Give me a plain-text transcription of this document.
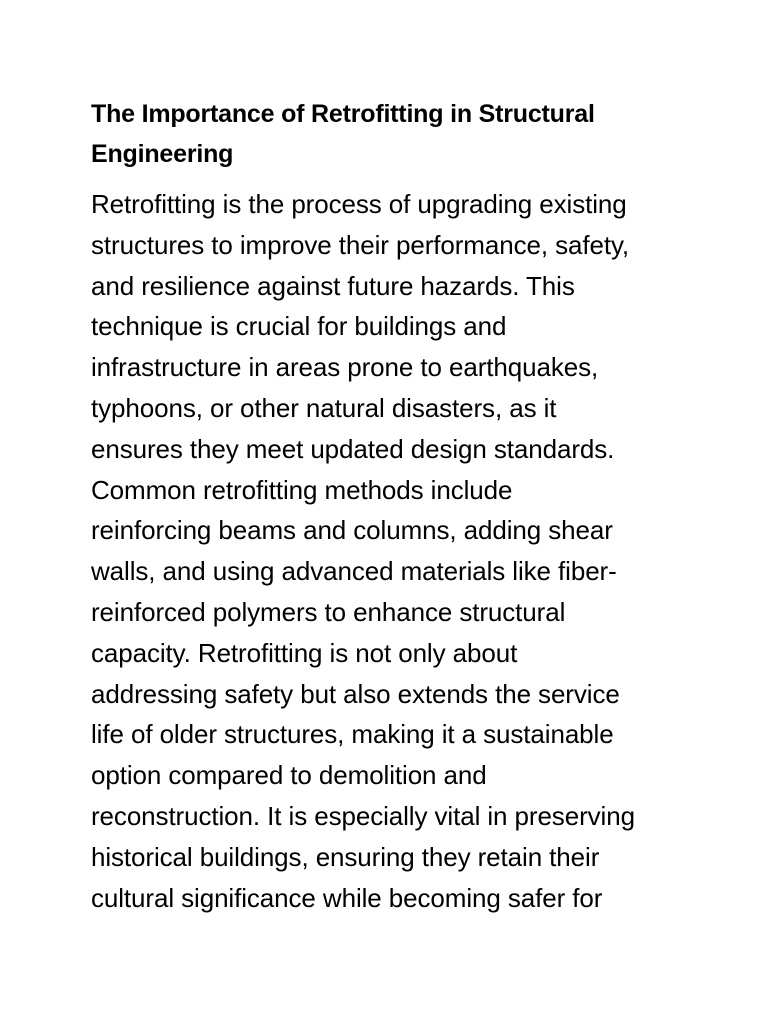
The Importance of Retrofitting in Structural
Engineering

Retrofitting is the process of upgrading existing
structures to improve their performance, safety,
and resilience against future hazards. This
technique is crucial for buildings and
infrastructure in areas prone to earthquakes,
typhoons, or other natural disasters, as it
ensures they meet updated design standards.
Common retrofitting methods include
reinforcing beams and columns, adding shear
walls, and using advanced materials like fiber-
reinforced polymers to enhance structural
capacity. Retrofitting is not only about
addressing safety but also extends the service
life of older structures, making it a sustainable
option compared to demolition and
reconstruction. It is especially vital in preserving
historical buildings, ensuring they retain their
cultural significance while becoming safer for
